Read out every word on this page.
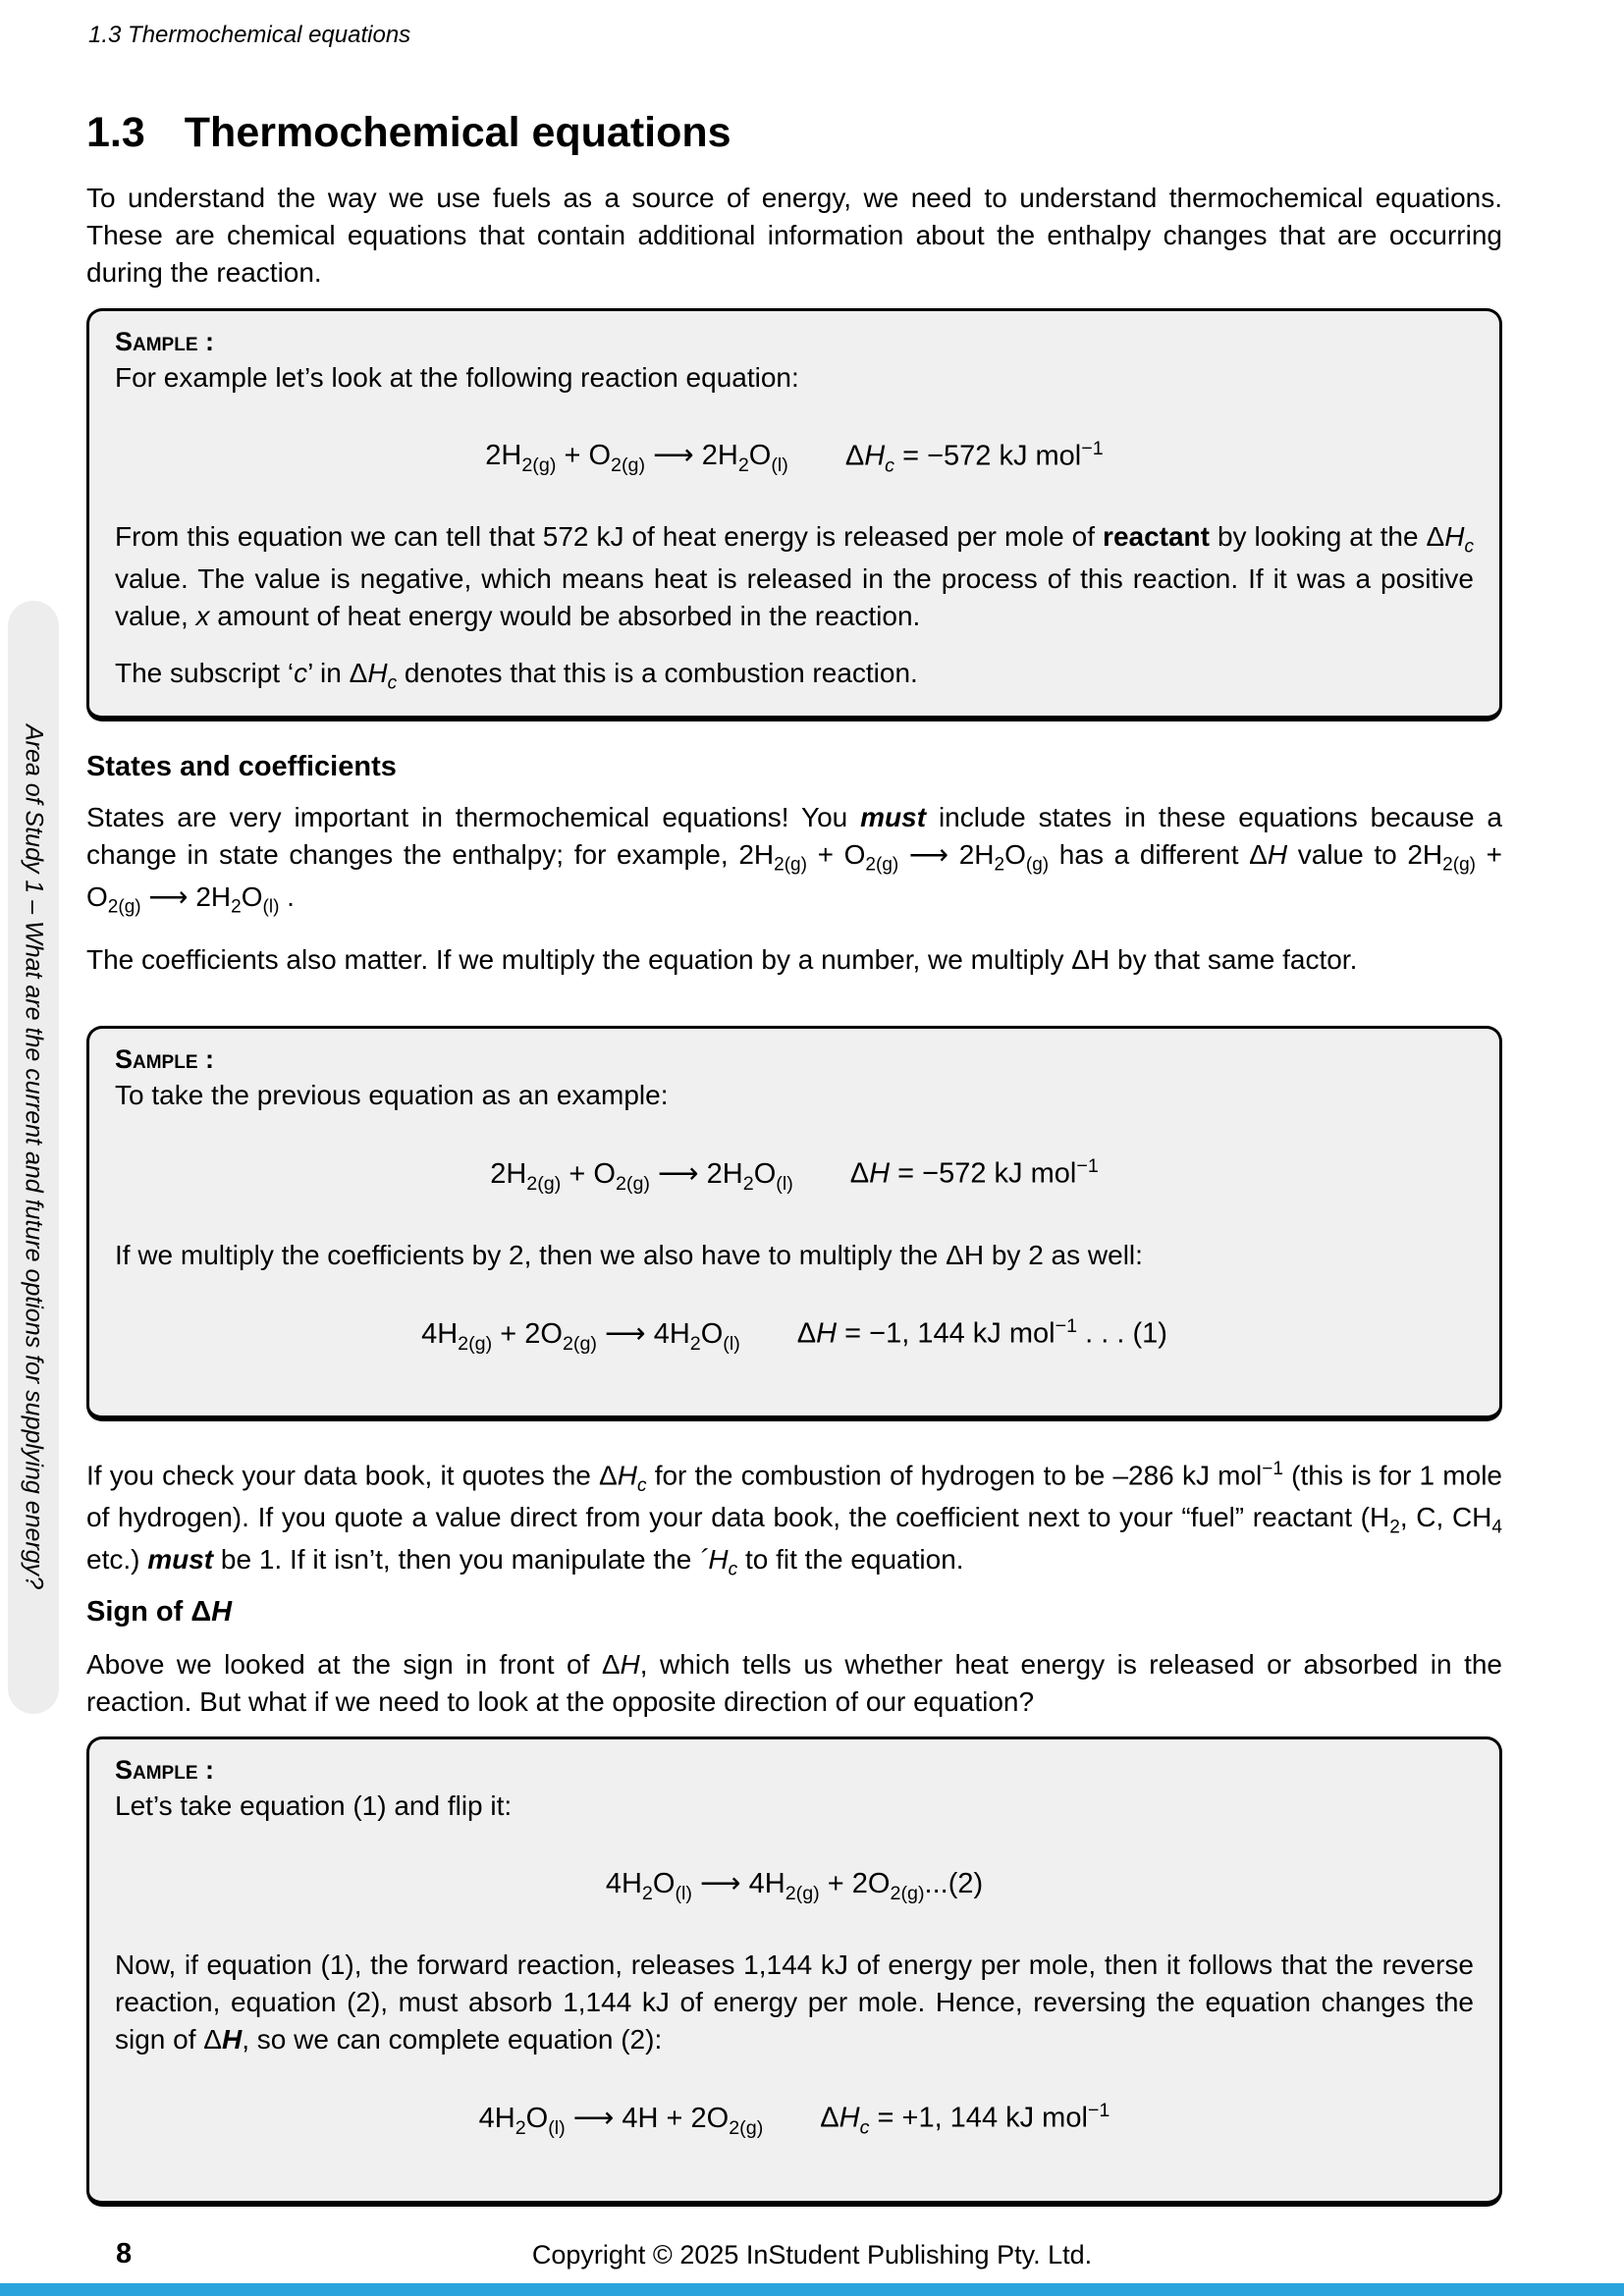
1.3 Thermochemical equations
1.3 Thermochemical equations

To understand the way we use fuels as a source of energy, we need to understand thermochemical equations. These are chemical equations that contain additional information about the enthalpy changes that are occurring during the reaction.

Sample :
For example let’s look at the following reaction equation:
$2H_{2(g)} + O_{2(g)}$ ⟶ $2H_2O_{(l)}$ $\Delta H_c = -572$ kJ mol$^{-1}$

From this equation we can tell that 572 kJ of heat energy is released per mole of reactant by looking at the $\Delta H_c$ value. The value is negative, which means heat is released in the process of this reaction. If it was a positive value, x amount of heat energy would be absorbed in the reaction.

The subscript ‘c’ in $\Delta H_c$ denotes that this is a combustion reaction.

States and coefficients

States are very important in thermochemical equations! You must include states in these equations because a change in state changes the enthalpy; for example, $2H_{2(g)} + O_{2(g)}$ ⟶ $2H_2O_{(g)}$ has a different ΔH value to $2H_{2(g)} + O_{2(g)}$ ⟶ $2H_2O_{(l)}$ .

The coefficients also matter. If we multiply the equation by a number, we multiply ΔH by that same factor.

Sample :
To take the previous equation as an example:
$2H_{2(g)} + O_{2(g)}$ ⟶ $2H_2O_{(l)}$ ΔH = −572 kJ mol$^{-1}$
If we multiply the coefficients by 2, then we also have to multiply the ΔH by 2 as well:
$4H_{2(g)} + 2O_{2(g)}$ ⟶ $4H_2O_{(l)}$ ΔH = −1, 144 kJ mol$^{-1}$ . . . (1)

If you check your data book, it quotes the $\Delta H_c$ for the combustion of hydrogen to be –286 kJ mol$^{-1}$ (this is for 1 mole of hydrogen). If you quote a value direct from your data book, the coefficient next to your “fuel” reactant ($H_2$, C, $CH_4$ etc.) must be 1. If it isn’t, then you manipulate the $´H_c$ to fit the equation.

Sign of ΔH

Above we looked at the sign in front of ΔH, which tells us whether heat energy is released or absorbed in the reaction. But what if we need to look at the opposite direction of our equation?

Sample :
Let’s take equation (1) and flip it:
$4H_2O_{(l)}$ ⟶ $4H_{2(g)} + 2O_{2(g)}...(2)$

Now, if equation (1), the forward reaction, releases 1,144 kJ of energy per mole, then it follows that the reverse reaction, equation (2), must absorb 1,144 kJ of energy per mole. Hence, reversing the equation changes the sign of ΔH, so we can complete equation (2):

$4H_2O_{(l)}$ ⟶ $4H + 2O_{2(g)}$ $\Delta H_c = +1$, 144 kJ mol$^{-1}$
Area of Study 1 – What are the current and future options for supplying energy?
8	Copyright © 2025 InStudent Publishing Pty. Ltd.
